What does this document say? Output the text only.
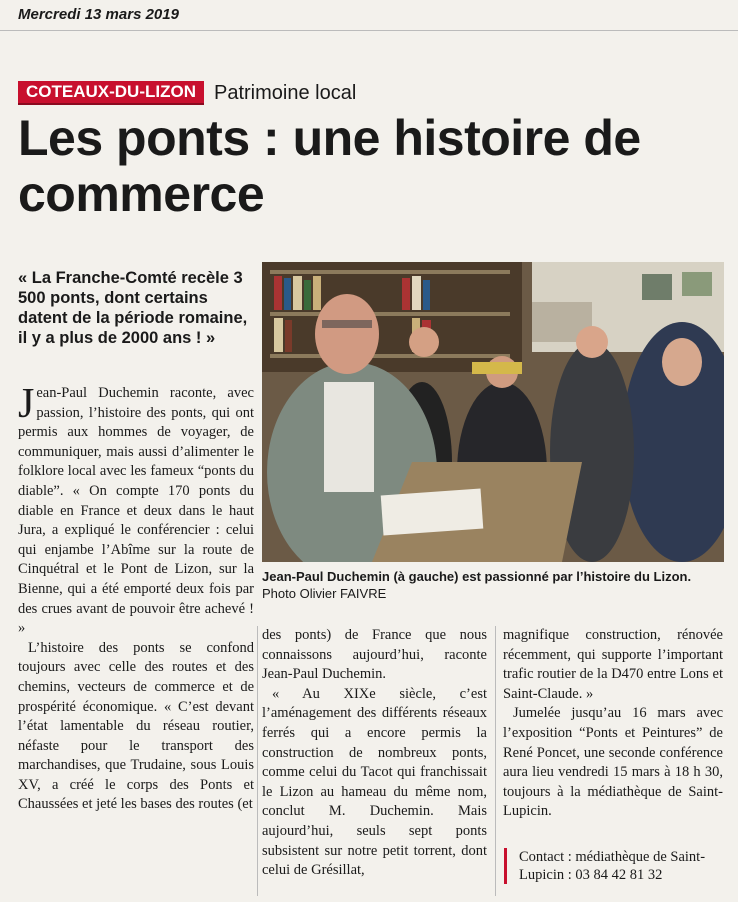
Mercredi 13 mars 2019
COTEAUX-DU-LIZON Patrimoine local
Les ponts : une histoire de commerce
« La Franche-Comté recèle 3 500 ponts, dont certains datent de la période romaine, il y a plus de 2000 ans ! »
Jean-Paul Duchemin (à gauche) est passionné par l’histoire du Lizon. Photo Olivier FAIVRE

Jean-Paul Duchemin raconte, avec passion, l’histoire des ponts, qui ont permis aux hommes de voyager, de communiquer, mais aussi d’alimenter le folklore local avec les fameux “ponts du diable”. « On compte 170 ponts du diable en France et deux dans le haut Jura, a expliqué le conférencier : celui qui enjambe l’Abîme sur la route de Cinquétral et le Pont de Lizon, sur la Bienne, qui a été emporté deux fois par des crues avant de pouvoir être achevé ! »

L’histoire des ponts se confond toujours avec celle des routes et des chemins, vecteurs de commerce et de prospérité économique. « C’est devant l’état lamentable du réseau routier, néfaste pour le transport des marchandises, que Trudaine, sous Louis XV, a créé le corps des Ponts et Chaussées et jeté les bases des routes (et

des ponts) de France que nous connaissons aujourd’hui, raconte Jean-Paul Duchemin.

« Au XIXe siècle, c’est l’aménagement des différents réseaux ferrés qui a encore permis la construction de nombreux ponts, comme celui du Tacot qui franchissait le Lizon au hameau du même nom, conclut M. Duchemin. Mais aujourd’hui, seuls sept ponts subsistent sur notre petit torrent, dont celui de Grésillat,

magnifique construction, rénovée récemment, qui supporte l’important trafic routier de la D470 entre Lons et Saint-Claude. »

Jumelée jusqu’au 16 mars avec l’exposition “Ponts et Peintures” de René Poncet, une seconde conférence aura lieu vendredi 15 mars à 18 h 30, toujours à la médiathèque de Saint-Lupicin.

Contact : médiathèque de Saint-Lupicin : 03 84 42 81 32
